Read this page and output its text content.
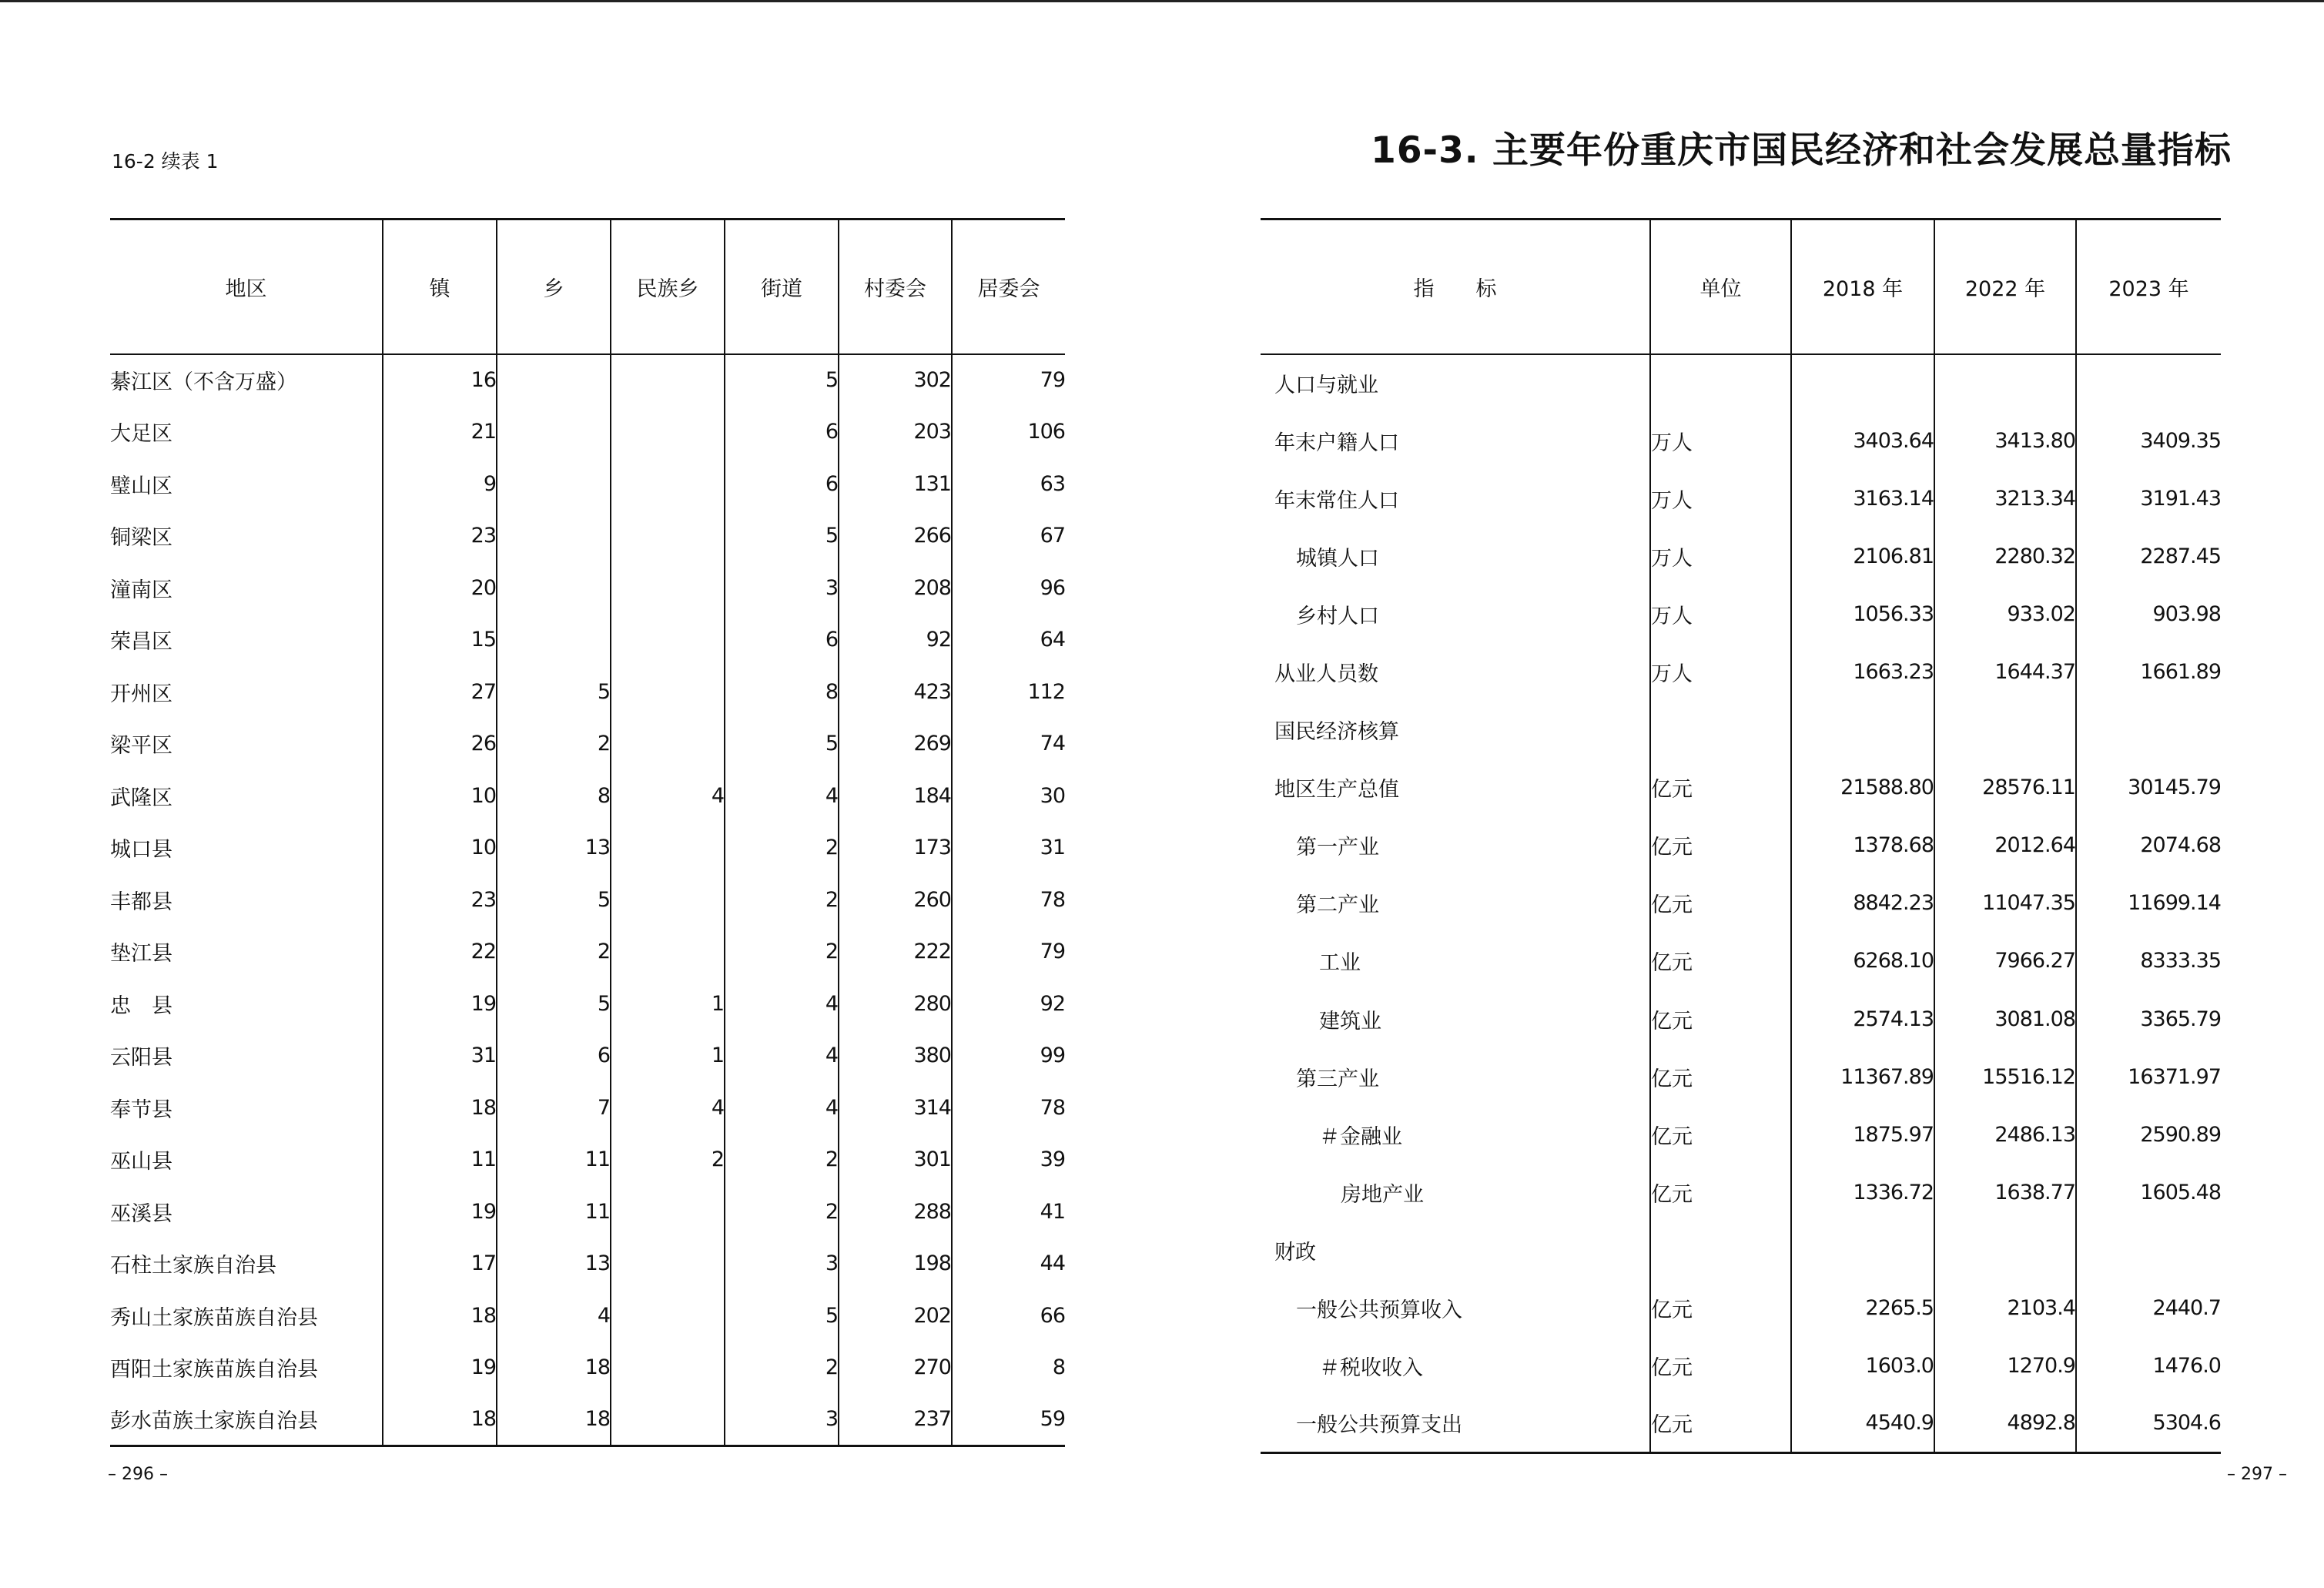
16-2 续表 1
地区	镇	乡	民族乡	街道	村委会	居委会
綦江区（不含万盛）	16			5	302	79
大足区	21			6	203	106
璧山区	9			6	131	63
铜梁区	23			5	266	67
潼南区	20			3	208	96
荣昌区	15			6	92	64
开州区	27	5		8	423	112
梁平区	26	2		5	269	74
武隆区	10	8	4	4	184	30
城口县	10	13		2	173	31
丰都县	23	5		2	260	78
垫江县	22	2		2	222	79
忠　县	19	5	1	4	280	92
云阳县	31	6	1	4	380	99
奉节县	18	7	4	4	314	78
巫山县	11	11	2	2	301	39
巫溪县	19	11		2	288	41
石柱土家族自治县	17	13		3	198	44
秀山土家族苗族自治县	18	4		5	202	66
酉阳土家族苗族自治县	19	18		2	270	8
彭水苗族土家族自治县	18	18		3	237	59
– 296 –
16-3. 主要年份重庆市国民经济和社会发展总量指标
指　　标	单位	2018 年	2022 年	2023 年
人口与就业				
年末户籍人口	万人	3403.64	3413.80	3409.35
年末常住人口	万人	3163.14	3213.34	3191.43
城镇人口	万人	2106.81	2280.32	2287.45
乡村人口	万人	1056.33	933.02	903.98
从业人员数	万人	1663.23	1644.37	1661.89
国民经济核算				
地区生产总值	亿元	21588.80	28576.11	30145.79
第一产业	亿元	1378.68	2012.64	2074.68
第二产业	亿元	8842.23	11047.35	11699.14
工业	亿元	6268.10	7966.27	8333.35
建筑业	亿元	2574.13	3081.08	3365.79
第三产业	亿元	11367.89	15516.12	16371.97
＃金融业	亿元	1875.97	2486.13	2590.89
房地产业	亿元	1336.72	1638.77	1605.48
财政				
一般公共预算收入	亿元	2265.5	2103.4	2440.7
＃税收收入	亿元	1603.0	1270.9	1476.0
一般公共预算支出	亿元	4540.9	4892.8	5304.6
– 297 –
